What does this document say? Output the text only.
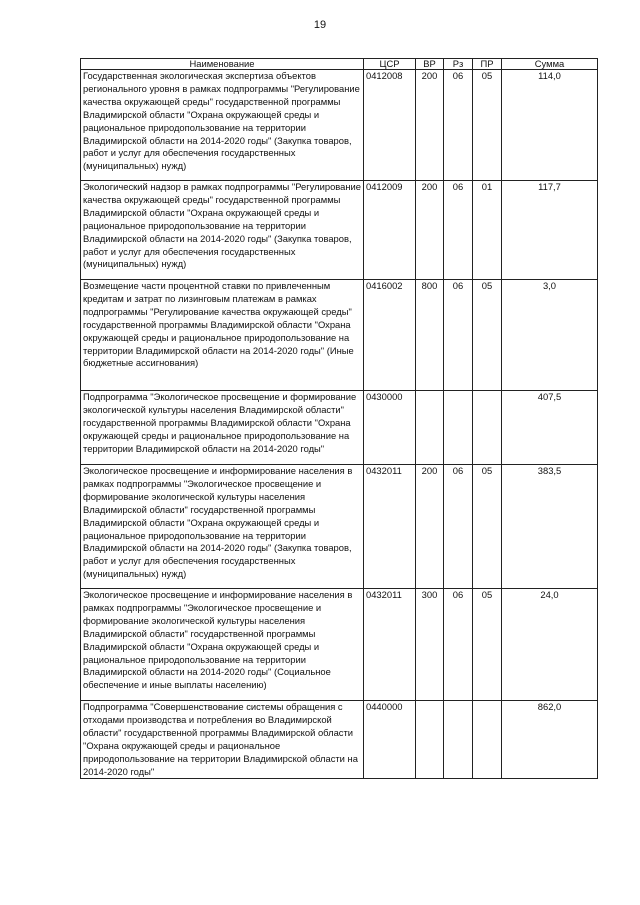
19
Наименование	ЦСР	ВР	Рз	ПР	Сумма
Государственная экологическая экспертиза объектов регионального уровня в рамках подпрограммы "Регулирование качества окружающей среды" государственной программы Владимирской области "Охрана окружающей среды и рациональное природопользование на территории Владимирской области на 2014-2020 годы" (Закупка товаров, работ и услуг для обеспечения государственных (муниципальных) нужд)	0412008	200	06	05	114,0
Экологический надзор в рамках подпрограммы "Регулирование качества окружающей среды" государственной программы Владимирской области "Охрана окружающей среды и рациональное природопользование на территории Владимирской области на 2014-2020 годы" (Закупка товаров, работ и услуг для обеспечения государственных (муниципальных) нужд)	0412009	200	06	01	117,7
Возмещение части процентной ставки по привлеченным кредитам и затрат по лизинговым платежам в рамках подпрограммы "Регулирование качества окружающей среды" государственной программы Владимирской области "Охрана окружающей среды и рациональное природопользование на территории Владимирской области на 2014-2020 годы" (Иные бюджетные ассигнования)	0416002	800	06	05	3,0
Подпрограмма "Экологическое просвещение и формирование экологической культуры населения Владимирской области" государственной программы Владимирской области "Охрана окружающей среды и рациональное природопользование на территории Владимирской области на 2014-2020 годы"	0430000				407,5
Экологическое просвещение и информирование населения в рамках подпрограммы "Экологическое просвещение и формирование экологической культуры населения Владимирской области" государственной программы Владимирской области "Охрана окружающей среды и рациональное природопользование на территории Владимирской области на 2014-2020 годы" (Закупка товаров, работ и услуг для обеспечения государственных (муниципальных) нужд)	0432011	200	06	05	383,5
Экологическое просвещение и информирование населения в рамках подпрограммы "Экологическое просвещение и формирование экологической культуры населения Владимирской области" государственной программы Владимирской области "Охрана окружающей среды и рациональное природопользование на территории Владимирской области на 2014-2020 годы" (Социальное обеспечение и иные выплаты населению)	0432011	300	06	05	24,0
Подпрограмма "Совершенствование системы обращения с отходами производства и потребления во Владимирской области" государственной программы Владимирской области "Охрана окружающей среды и рациональное природопользование на территории Владимирской области на 2014-2020 годы"	0440000				862,0
